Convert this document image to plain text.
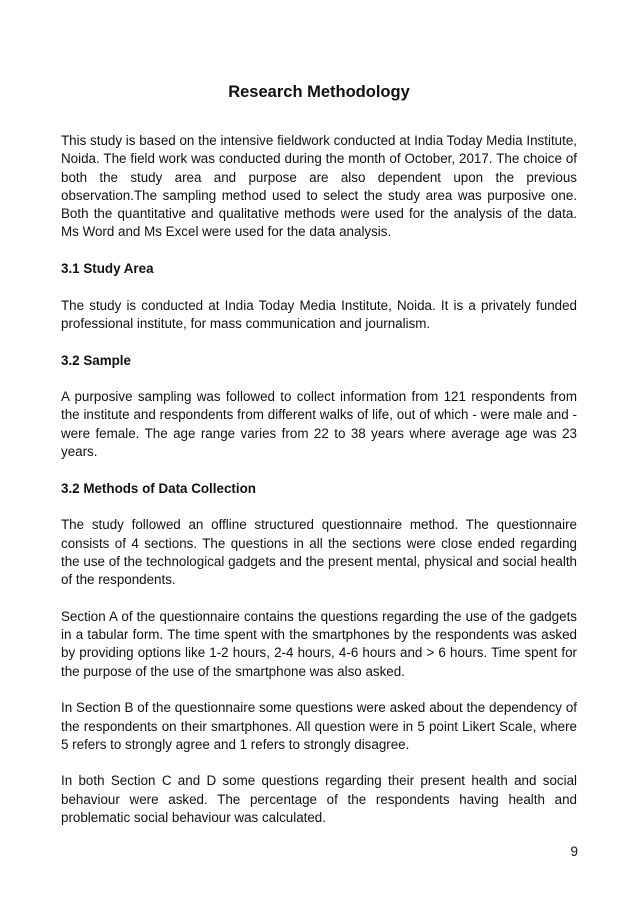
Research Methodology

This study is based on the intensive fieldwork conducted at India Today Media Institute, Noida. The field work was conducted during the month of October, 2017. The choice of both the study area and purpose are also dependent upon the previous observation.The sampling method used to select the study area was purposive one. Both the quantitative and qualitative methods were used for the analysis of the data. Ms Word and Ms Excel were used for the data analysis.

3.1 Study Area

The study is conducted at India Today Media Institute, Noida. It is a privately funded professional institute, for mass communication and journalism.

3.2 Sample

A purposive sampling was followed to collect information from 121 respondents from the institute and respondents from different walks of life, out of which - were male and - were female. The age range varies from 22 to 38 years where average age was 23 years.

3.2 Methods of Data Collection

The study followed an offline structured questionnaire method. The questionnaire consists of 4 sections. The questions in all the sections were close ended regarding the use of the technological gadgets and the present mental, physical and social health of the respondents.

Section A of the questionnaire contains the questions regarding the use of the gadgets in a tabular form. The time spent with the smartphones by the respondents was asked by providing options like 1-2 hours, 2-4 hours, 4-6 hours and > 6 hours. Time spent for the purpose of the use of the smartphone was also asked.

In Section B of the questionnaire some questions were asked about the dependency of the respondents on their smartphones. All question were in 5 point Likert Scale, where 5 refers to strongly agree and 1 refers to strongly disagree.

In both Section C and D some questions regarding their present health and social behaviour were asked. The percentage of the respondents having health and problematic social behaviour was calculated.

9
